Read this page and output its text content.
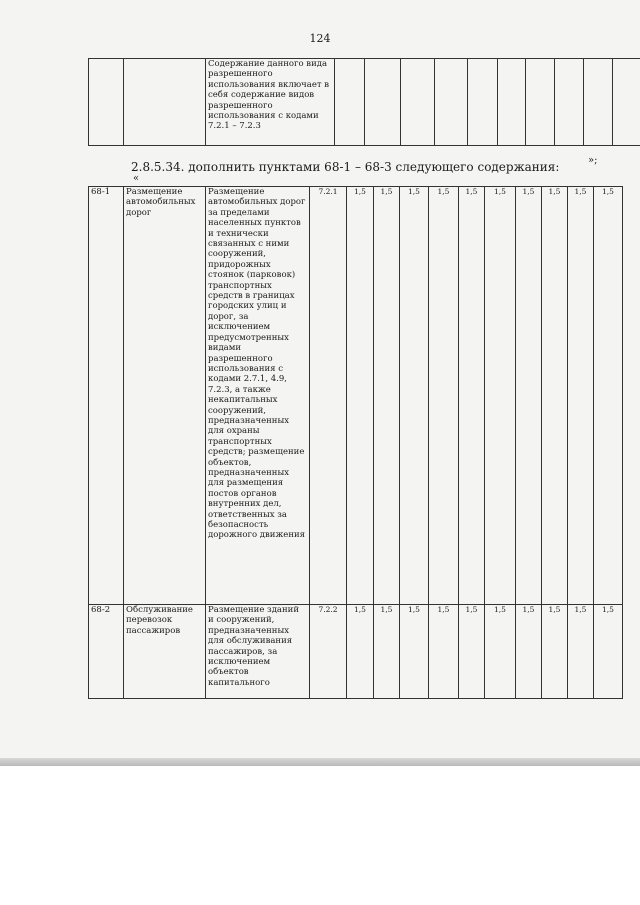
124
		Содержание данного вида разрешенного использования включает в себя содержание видов разрешенного использования с кодами 7.2.1 – 7.2.3										
2.8.5.34. дополнить пунктами 68-1 – 68-3 следующего содержания:	»;
«
68-1	Размещение автомобильных дорог	Размещение автомобильных дорог за пределами населенных пунктов и технически связанных с ними сооружений, придорожных стоянок (парковок) транспортных средств в границах городских улиц и дорог, за исключением предусмотренных видами разрешенного использования с кодами 2.7.1, 4.9, 7.2.3, а также некапитальных сооружений, предназначенных для охраны транспортных средств; размещение объектов, предназначенных для размещения постов органов внутренних дел, ответственных за безопасность дорожного движения	7.2.1	1,5	1,5	1,5	1,5	1,5	1,5	1,5	1,5	1,5	1,5
68-2	Обслуживание перевозок пассажиров	Размещение зданий и сооружений, предназначенных для обслуживания пассажиров, за исключением объектов капитального	7.2.2	1,5	1,5	1,5	1,5	1,5	1,5	1,5	1,5	1,5	1,5
